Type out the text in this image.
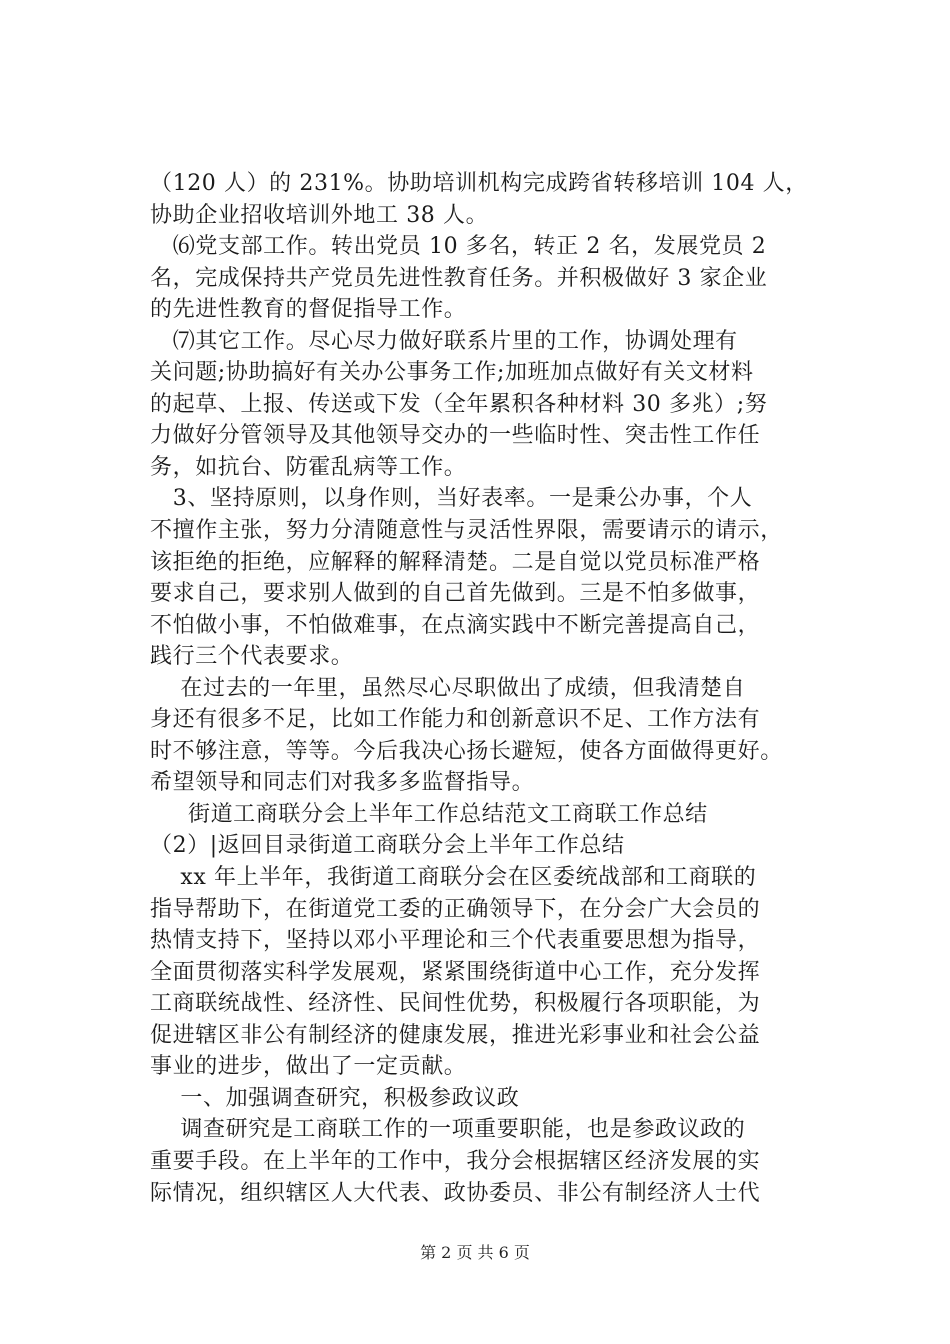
（120 人）的 231%。协助培训机构完成跨省转移培训 104 人，
协助企业招收培训外地工 38 人。
⑹党支部工作。转出党员 10 多名，转正 2 名，发展党员 2
名，完成保持共产党员先进性教育任务。并积极做好 3 家企业
的先进性教育的督促指导工作。
⑺其它工作。尽心尽力做好联系片里的工作，协调处理有
关问题;协助搞好有关办公事务工作;加班加点做好有关文材料
的起草、上报、传送或下发（全年累积各种材料 30 多兆）;努
力做好分管领导及其他领导交办的一些临时性、突击性工作任
务，如抗台、防霍乱病等工作。
3、坚持原则，以身作则，当好表率。一是秉公办事，个人
不擅作主张，努力分清随意性与灵活性界限，需要请示的请示，
该拒绝的拒绝，应解释的解释清楚。二是自觉以党员标准严格
要求自己，要求别人做到的自己首先做到。三是不怕多做事，
不怕做小事，不怕做难事，在点滴实践中不断完善提高自己，
践行三个代表要求。
在过去的一年里，虽然尽心尽职做出了成绩，但我清楚自
身还有很多不足，比如工作能力和创新意识不足、工作方法有
时不够注意，等等。今后我决心扬长避短，使各方面做得更好。
希望领导和同志们对我多多监督指导。
街道工商联分会上半年工作总结范文工商联工作总结
（2）|返回目录街道工商联分会上半年工作总结
xx 年上半年，我街道工商联分会在区委统战部和工商联的
指导帮助下，在街道党工委的正确领导下，在分会广大会员的
热情支持下，坚持以邓小平理论和三个代表重要思想为指导，
全面贯彻落实科学发展观，紧紧围绕街道中心工作，充分发挥
工商联统战性、经济性、民间性优势，积极履行各项职能，为
促进辖区非公有制经济的健康发展，推进光彩事业和社会公益
事业的进步，做出了一定贡献。
一、加强调查研究，积极参政议政
调查研究是工商联工作的一项重要职能，也是参政议政的
重要手段。在上半年的工作中，我分会根据辖区经济发展的实
际情况，组织辖区人大代表、政协委员、非公有制经济人士代
第 2 页 共 6 页
